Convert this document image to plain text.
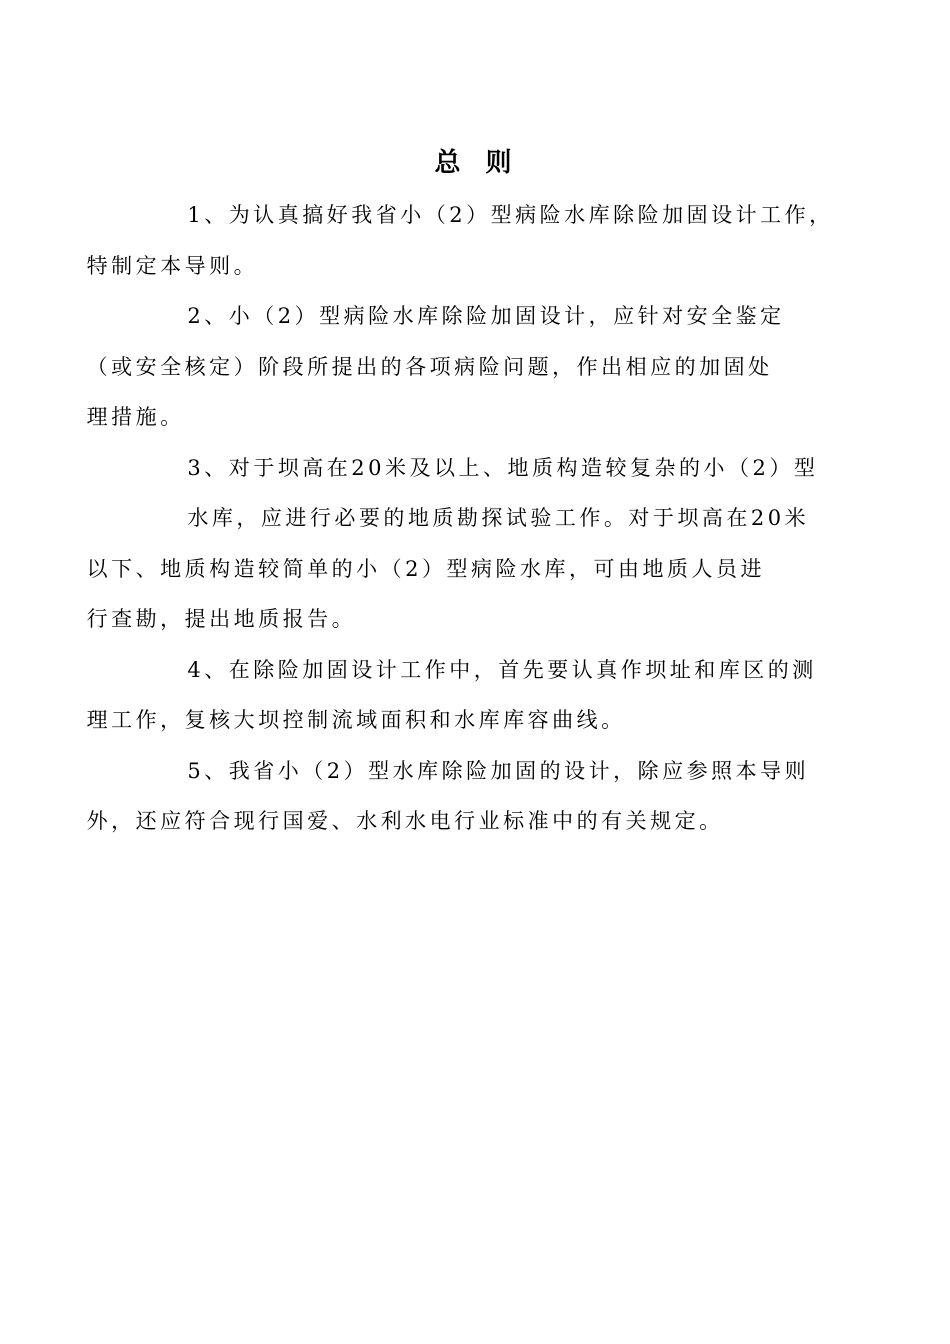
总 则
1、为认真搞好我省小（2）型病险水库除险加固设计工作，
特制定本导则。
2、小（2）型病险水库除险加固设计，应针对安全鉴定
（或安全核定）阶段所提出的各项病险问题，作出相应的加固处
理措施。
3、对于坝高在20米及以上、地质构造较复杂的小（2）型
水库，应进行必要的地质勘探试验工作。对于坝高在20米
以下、地质构造较简单的小（2）型病险水库，可由地质人员进
行查勘，提出地质报告。
4、在除险加固设计工作中，首先要认真作坝址和库区的测
理工作，复核大坝控制流域面积和水库库容曲线。
5、我省小（2）型水库除险加固的设计，除应参照本导则
外，还应符合现行国爱、水利水电行业标准中的有关规定。
